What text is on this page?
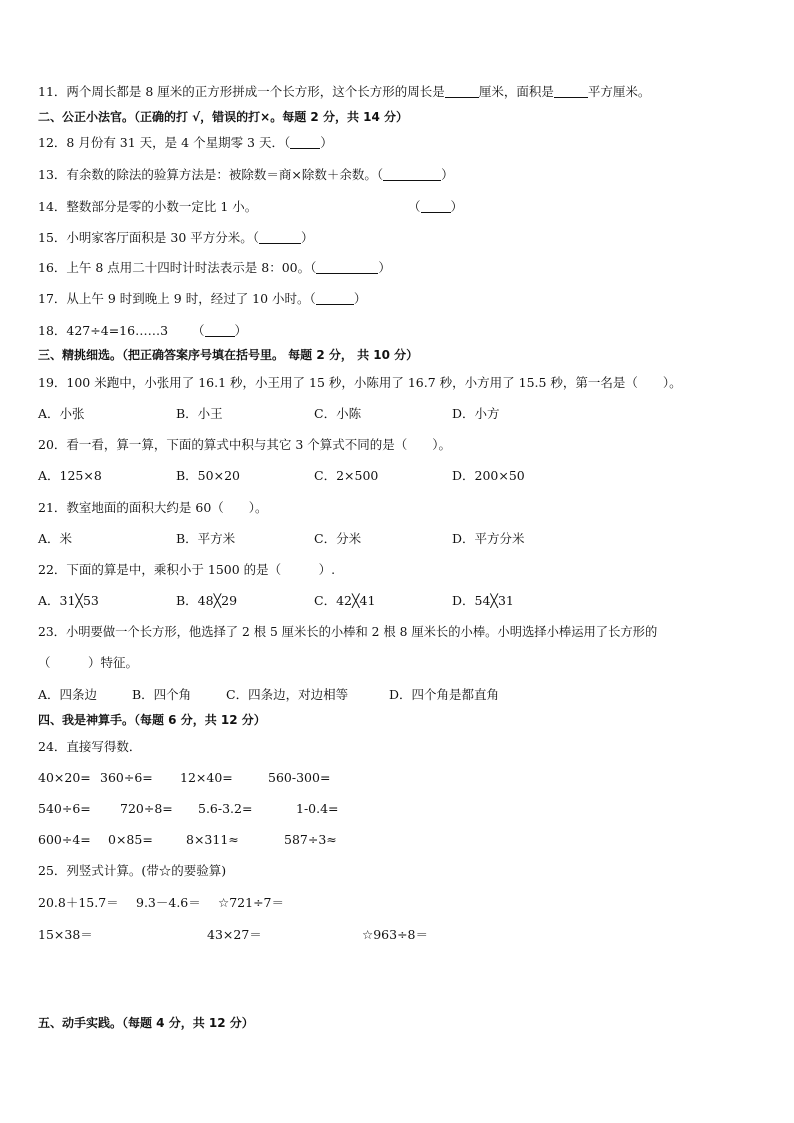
11．两个周长都是 8 厘米的正方形拼成一个长方形，这个长方形的周长是	厘米，面积是	平方厘米。
二、公正小法官。（正确的打 √，错误的打×。每题 2 分，共 14 分）
12．8 月份有 31 天，是 4 个星期零 3 天．（ ）
13．有余数的除法的验算方法是：被除数＝商×除数＋余数。（	）
14．整数部分是零的小数一定比 1 小。	（ ）
15．小明家客厅面积是 30 平方分米。（	）
16．上午 8 点用二十四时计时法表示是 8：00。（	）
17．从上午 9 时到晚上 9 时，经过了 10 小时。（	）
18．427÷4=16……3 （ ）
三、精挑细选。（把正确答案序号填在括号里。 每题 2 分， 共 10 分）
19．100 米跑中，小张用了 16.1 秒，小王用了 15 秒，小陈用了 16.7 秒，小方用了 15.5 秒，第一名是（　　）。
A．小张	B．小王	C．小陈	D．小方
20．看一看，算一算，下面的算式中积与其它 3 个算式不同的是（　　）。
A．125×8	B．50×20	C．2×500	D．200×50
21．教室地面的面积大约是 60（　　）。
A．米	B．平方米	C．分米	D．平方分米
22．下面的算是中，乘积小于 1500 的是（　　　）.
A．31╳53	B．48╳29	C．42╳41	D．54╳31
23．小明要做一个长方形，他选择了 2 根 5 厘米长的小棒和 2 根 8 厘米长的小棒。小明选择小棒运用了长方形的
（　　　）特征。
A．四条边	B．四个角	C．四条边，对边相等	D．四个角是都直角
四、我是神算手。（每题 6 分，共 12 分）
24．直接写得数．
40×20= 360÷6= 12×40=	560-300=
540÷6= 720÷8= 5.6-3.2=	1-0.4=
600÷4= 0×85=	8×311≈	587÷3≈
25．列竖式计算。(带☆的要验算)
20.8＋15.7＝ 9.3－4.6＝ ☆721÷7＝
15×38＝	43×27＝	☆963÷8＝
五、动手实践。（每题 4 分，共 12 分）
